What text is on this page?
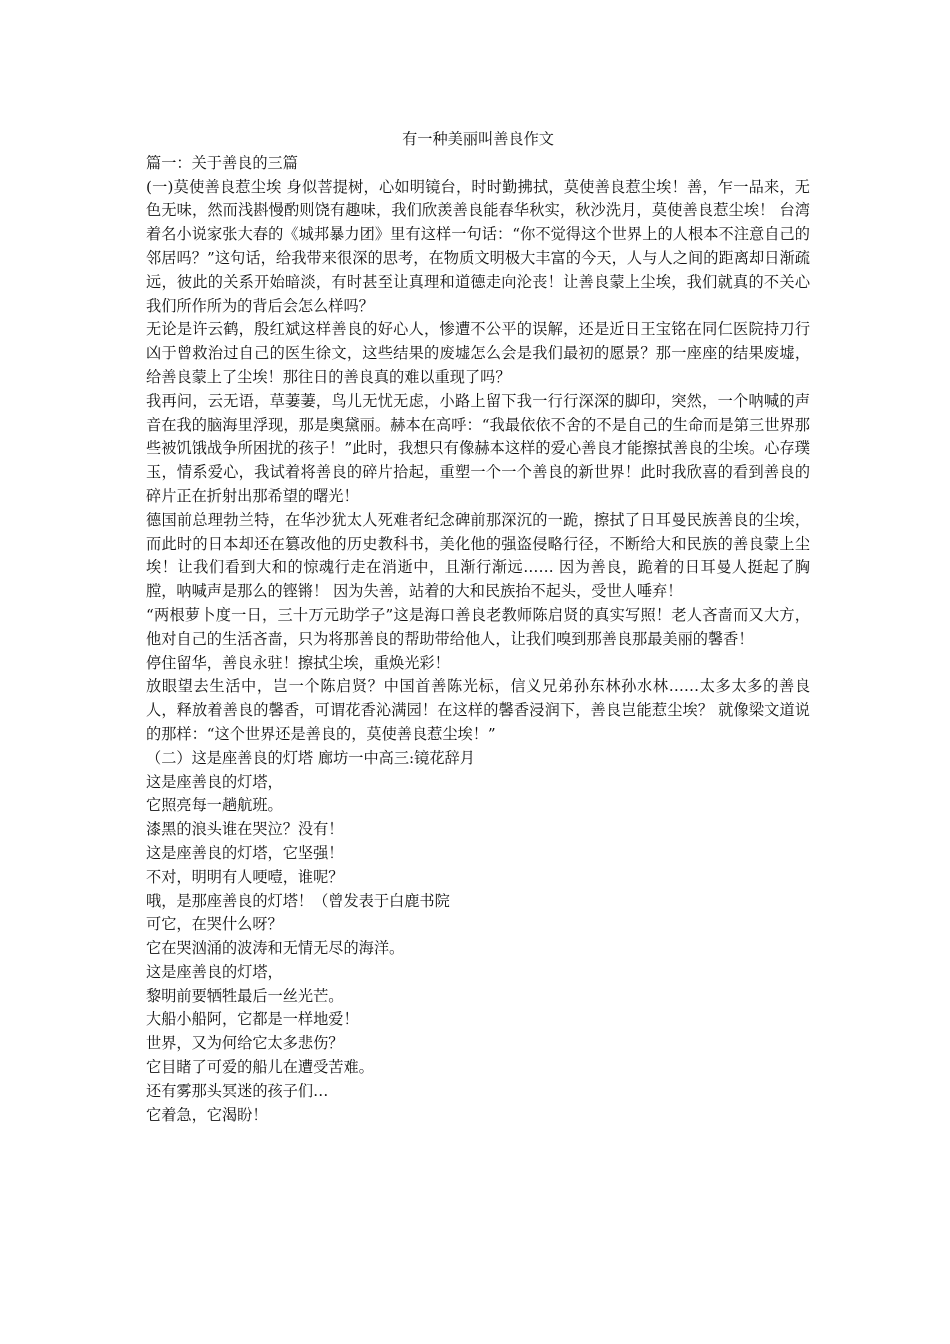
有一种美丽叫善良作文

篇一：关于善良的三篇

(一)莫使善良惹尘埃 身似菩提树，心如明镜台，时时勤拂拭，莫使善良惹尘埃！善，乍一品来，无色无味，然而浅斟慢酌则饶有趣味，我们欣羡善良能春华秋实，秋沙洗月，莫使善良惹尘埃！ 台湾着名小说家张大春的《城邦暴力团》里有这样一句话：“你不觉得这个世界上的人根本不注意自己的邻居吗？”这句话，给我带来很深的思考，在物质文明极大丰富的今天，人与人之间的距离却日渐疏远，彼此的关系开始暗淡，有时甚至让真理和道德走向沦丧！让善良蒙上尘埃，我们就真的不关心我们所作所为的背后会怎么样吗？

无论是许云鹤，殷红斌这样善良的好心人，惨遭不公平的误解，还是近日王宝铭在同仁医院持刀行凶于曾救治过自己的医生徐文，这些结果的废墟怎么会是我们最初的愿景？那一座座的结果废墟，给善良蒙上了尘埃！那往日的善良真的难以重现了吗？

我再问，云无语，草萋萋，鸟儿无忧无虑，小路上留下我一行行深深的脚印，突然，一个呐喊的声音在我的脑海里浮现，那是奥黛丽。赫本在高呼：“我最依依不舍的不是自己的生命而是第三世界那些被饥饿战争所困扰的孩子！”此时，我想只有像赫本这样的爱心善良才能擦拭善良的尘埃。心存璞玉，情系爱心，我试着将善良的碎片拾起，重塑一个一个善良的新世界！此时我欣喜的看到善良的碎片正在折射出那希望的曙光！

德国前总理勃兰特，在华沙犹太人死难者纪念碑前那深沉的一跪，擦拭了日耳曼民族善良的尘埃，而此时的日本却还在篡改他的历史教科书，美化他的强盗侵略行径，不断给大和民族的善良蒙上尘埃！让我们看到大和的惊魂行走在消逝中，且渐行渐远…… 因为善良，跪着的日耳曼人挺起了胸膛，呐喊声是那么的铿锵！ 因为失善，站着的大和民族抬不起头，受世人唾弃！

“两根萝卜度一日，三十万元助学子”这是海口善良老教师陈启贤的真实写照！老人吝啬而又大方，他对自己的生活吝啬，只为将那善良的帮助带给他人，让我们嗅到那善良那最美丽的馨香！

停住留华，善良永驻！擦拭尘埃，重焕光彩！

放眼望去生活中，岂一个陈启贤？中国首善陈光标，信义兄弟孙东林孙水林……太多太多的善良人，释放着善良的馨香，可谓花香沁满园！在这样的馨香浸润下，善良岂能惹尘埃？ 就像梁文道说的那样：“这个世界还是善良的，莫使善良惹尘埃！”

（二）这是座善良的灯塔 廊坊一中高三:镜花辞月

这是座善良的灯塔，

它照亮每一趟航班。

漆黑的浪头谁在哭泣？没有！

这是座善良的灯塔，它坚强！

不对，明明有人哽噎，谁呢？

哦，是那座善良的灯塔！（曾发表于白鹿书院

可它，在哭什么呀？

它在哭汹涌的波涛和无情无尽的海洋。

这是座善良的灯塔，

黎明前要牺牲最后一丝光芒。

大船小船阿，它都是一样地爱！

世界，又为何给它太多悲伤？

它目睹了可爱的船儿在遭受苦难。

还有雾那头冥迷的孩子们…

它着急，它渴盼！
